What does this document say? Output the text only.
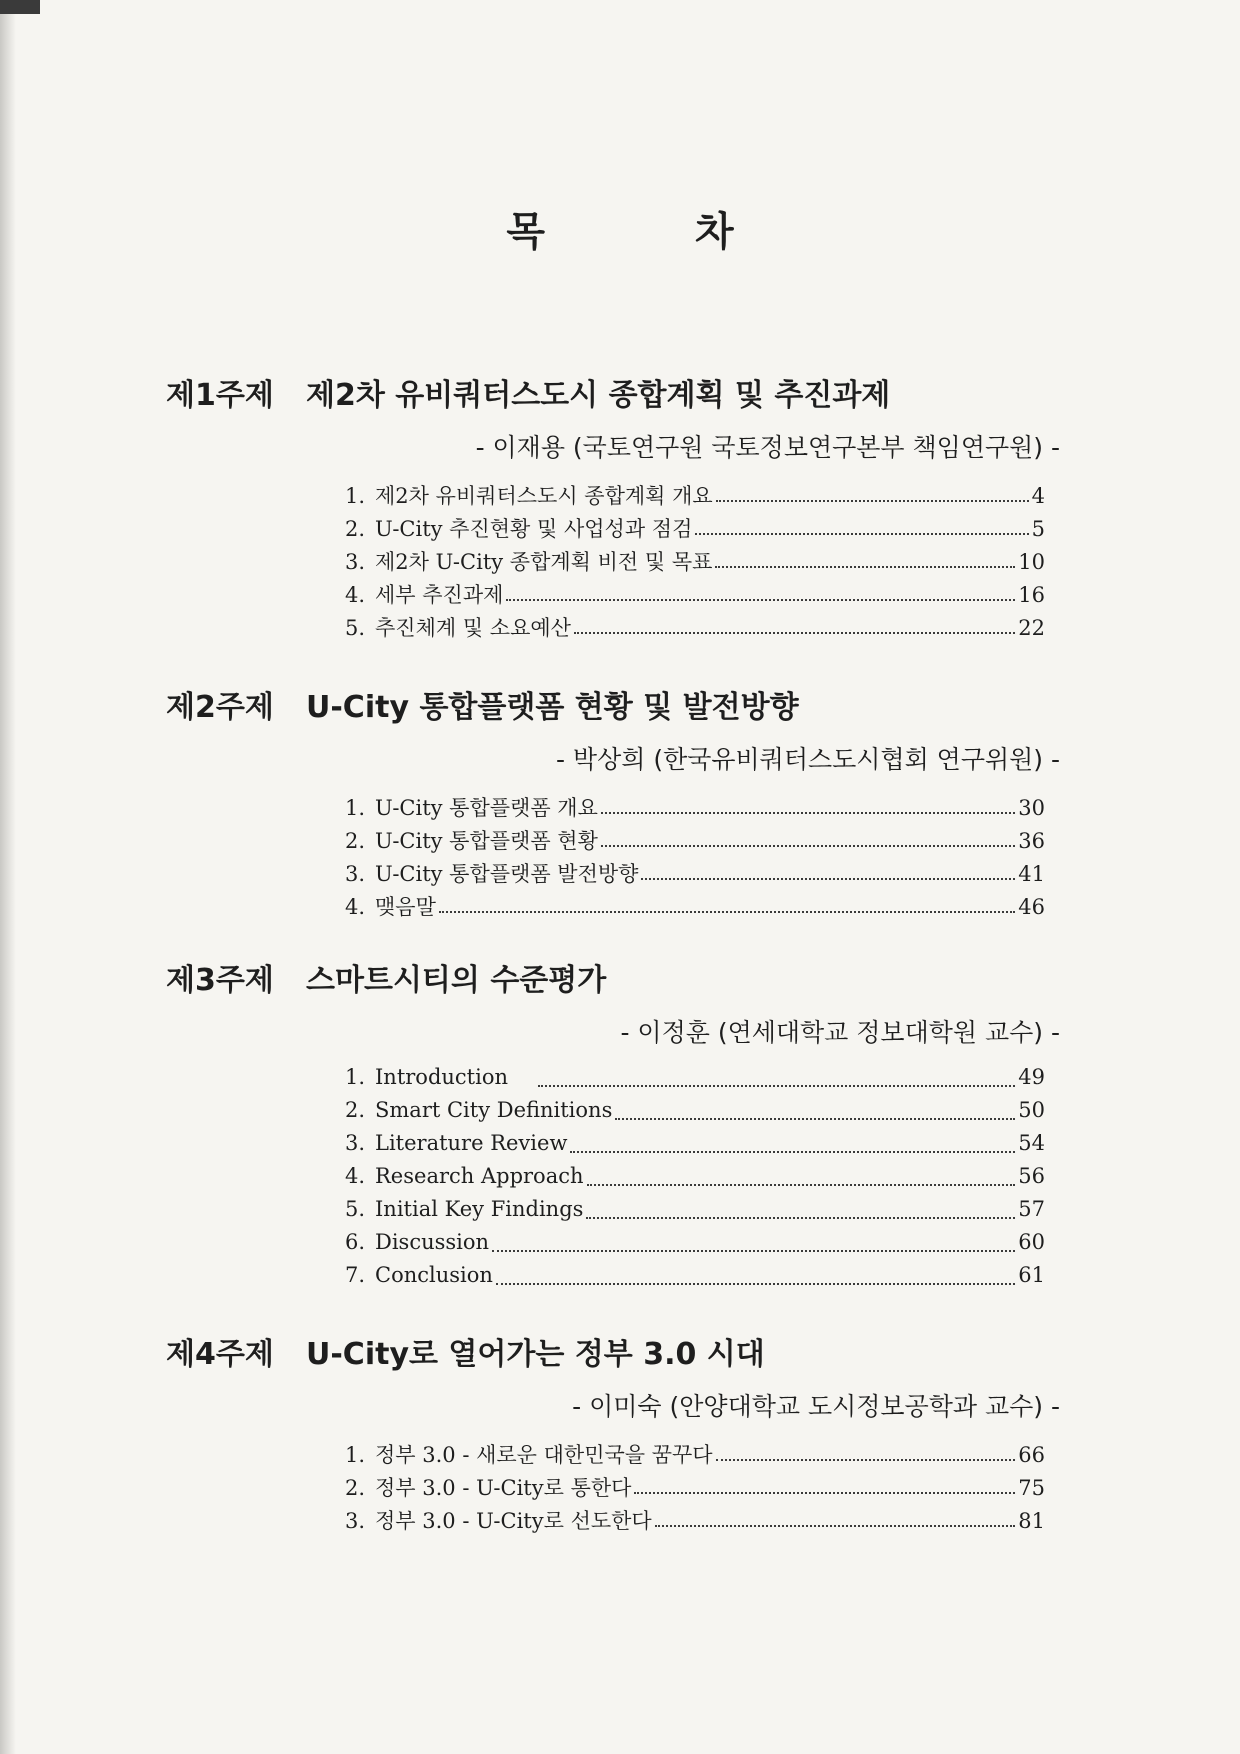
목 차
제1주제 제2차 유비쿼터스도시 종합계획 및 추진과제
- 이재용 (국토연구원 국토정보연구본부 책임연구원) -
1. 제2차 유비쿼터스도시 종합계획 개요	4
2. U-City 추진현황 및 사업성과 점검	5
3. 제2차 U-City 종합계획 비전 및 목표	10
4. 세부 추진과제	16
5. 추진체계 및 소요예산	22
제2주제 U-City 통합플랫폼 현황 및 발전방향
- 박상희 (한국유비쿼터스도시협회 연구위원) -
1. U-City 통합플랫폼 개요	30
2. U-City 통합플랫폼 현황	36
3. U-City 통합플랫폼 발전방향	41
4. 맺음말	46
제3주제 스마트시티의 수준평가
- 이정훈 (연세대학교 정보대학원 교수) -
1. Introduction	49
2. Smart City Definitions	50
3. Literature Review	54
4. Research Approach	56
5. Initial Key Findings	57
6. Discussion	60
7. Conclusion	61
제4주제 U-City로 열어가는 정부 3.0 시대
- 이미숙 (안양대학교 도시정보공학과 교수) -
1. 정부 3.0 - 새로운 대한민국을 꿈꾸다	66
2. 정부 3.0 - U-City로 통한다	75
3. 정부 3.0 - U-City로 선도한다	81
